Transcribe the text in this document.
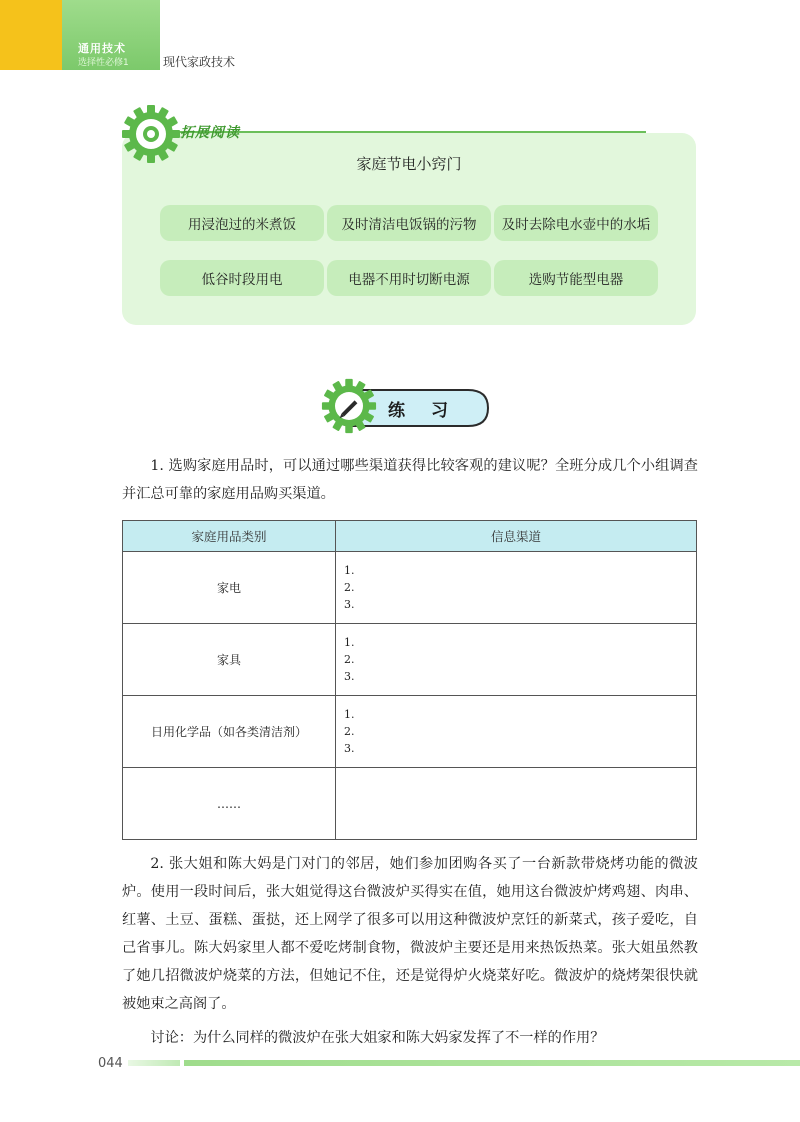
通用技术
选择性必修1	现代家政技术
拓展阅读
家庭节电小窍门
用浸泡过的米煮饭	及时清洁电饭锅的污物	及时去除电水壶中的水垢
低谷时段用电	电器不用时切断电源	选购节能型电器
练习
1. 选购家庭用品时，可以通过哪些渠道获得比较客观的建议呢？全班分成几个小组调查并汇总可靠的家庭用品购买渠道。
家庭用品类别	信息渠道
家电	1.
2.
3.

家具	1.
2.
3.

日用化学品（如各类清洁剂）	1.
2.
3.

……	
2. 张大姐和陈大妈是门对门的邻居，她们参加团购各买了一台新款带烧烤功能的微波炉。使用一段时间后，张大姐觉得这台微波炉买得实在值，她用这台微波炉烤鸡翅、肉串、红薯、土豆、蛋糕、蛋挞，还上网学了很多可以用这种微波炉烹饪的新菜式，孩子爱吃，自己省事儿。陈大妈家里人都不爱吃烤制食物，微波炉主要还是用来热饭热菜。张大姐虽然教了她几招微波炉烧菜的方法，但她记不住，还是觉得炉火烧菜好吃。微波炉的烧烤架很快就被她束之高阁了。
讨论：为什么同样的微波炉在张大姐家和陈大妈家发挥了不一样的作用？
044
